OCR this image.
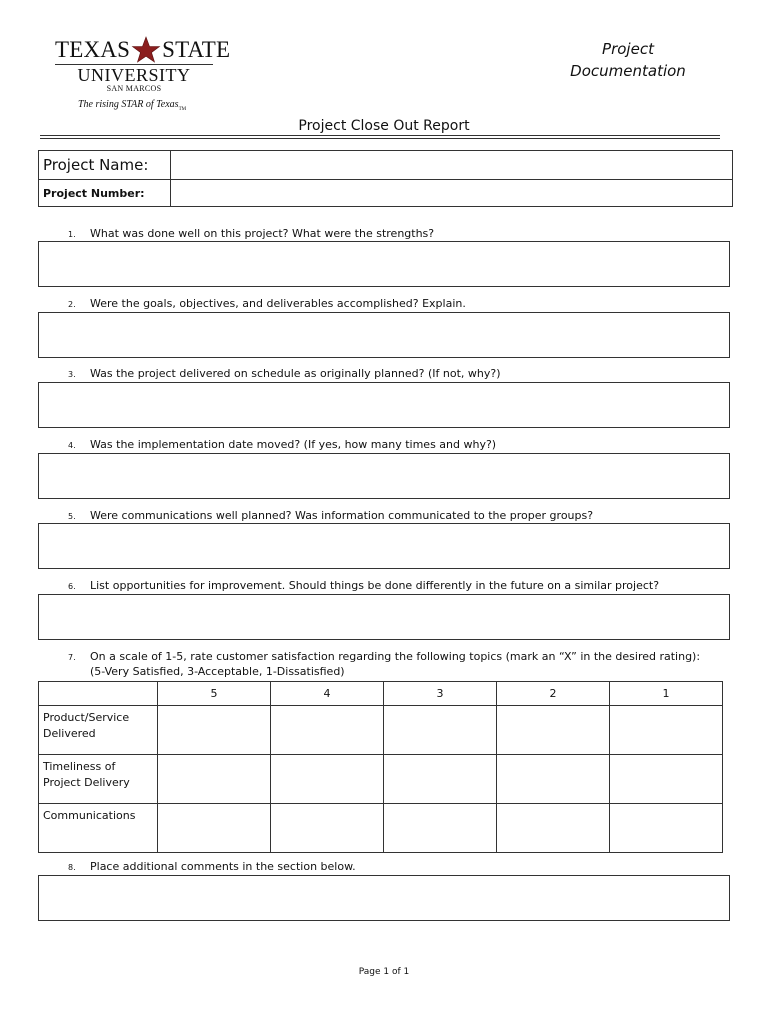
TEXAS STATE
UNIVERSITY
SAN MARCOS
The rising STAR of Texas$_{TM}$
Project
Documentation
Project Close Out Report
Project Name:	
Project Number:	
1. What was done well on this project? What were the strengths?
2. Were the goals, objectives, and deliverables accomplished? Explain.
3. Was the project delivered on schedule as originally planned? (If not, why?)
4. Was the implementation date moved? (If yes, how many times and why?)
5. Were communications well planned? Was information communicated to the proper groups?
6. List opportunities for improvement. Should things be done differently in the future on a similar project?
7. On a scale of 1-5, rate customer satisfaction regarding the following topics (mark an “X” in the desired rating):
(5-Very Satisfied, 3-Acceptable, 1-Dissatisfied)
	5	4	3	2	1
Product/Service Delivered					
Timeliness of Project Delivery					
Communications					
8. Place additional comments in the section below.
Page 1 of 1
